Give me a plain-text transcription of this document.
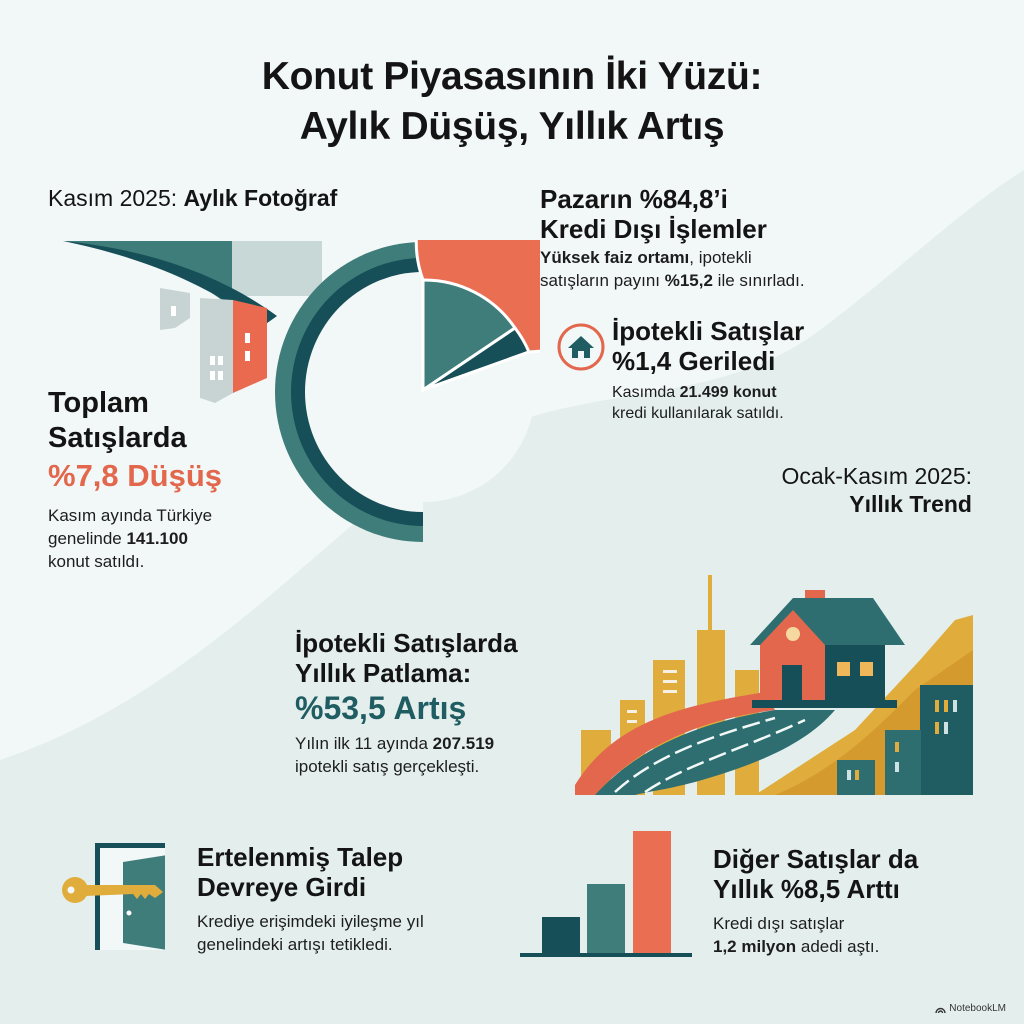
Konut Piyasasının İki Yüzü:
Aylık Düşüş, Yıllık Artış
Kasım 2025: Aylık Fotoğraf
Toplam
Satışlarda
%7,8 Düşüş
Kasım ayında Türkiye
genelinde 141.100
konut satıldı.
Pazarın %84,8’i
Kredi Dışı İşlemler
Yüksek faiz ortamı, ipotekli
satışların payını %15,2 ile sınırladı.
İpotekli Satışlar
%1,4 Geriledi
Kasımda 21.499 konut
kredi kullanılarak satıldı.
Ocak-Kasım 2025:
Yıllık Trend
İpotekli Satışlarda
Yıllık Patlama:
%53,5 Artış
Yılın ilk 11 ayında 207.519
ipotekli satış gerçekleşti.
Ertelenmiş Talep
Devreye Girdi
Krediye erişimdeki iyileşme yıl
genelindeki artışı tetikledi.
Diğer Satışlar da
Yıllık %8,5 Arttı
Kredi dışı satışlar
1,2 milyon adedi aştı.
NotebookLM
